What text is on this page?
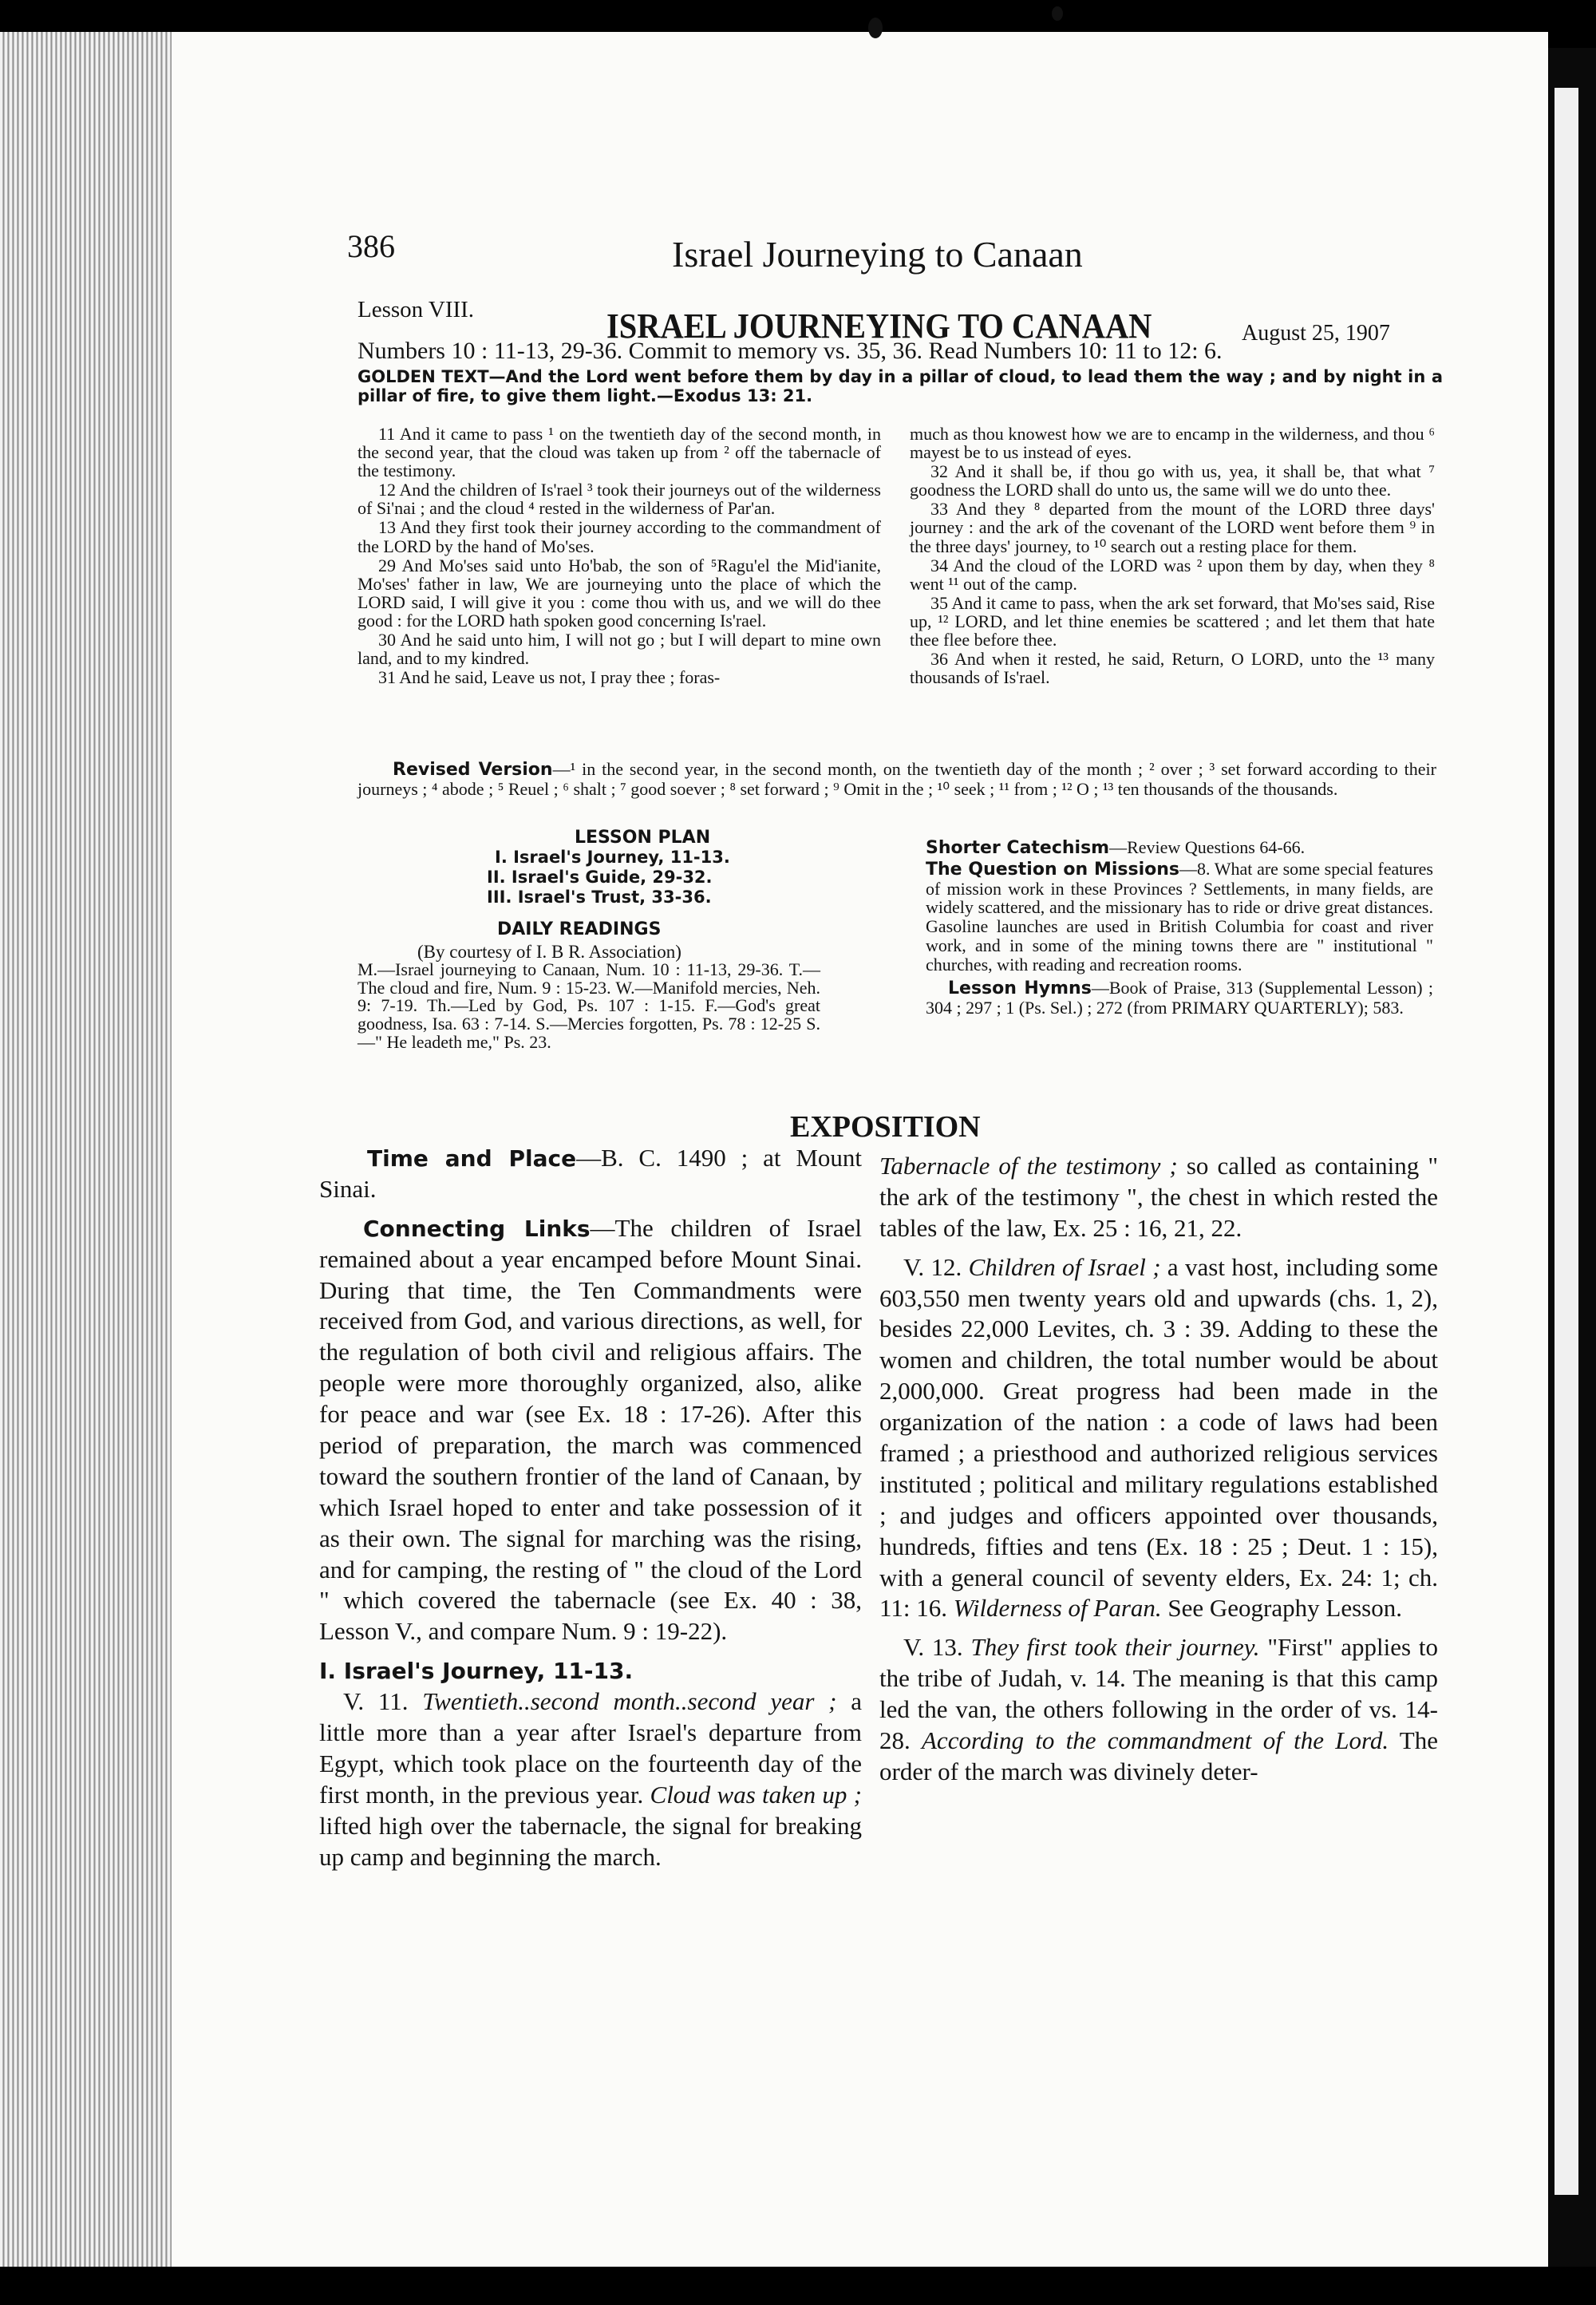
386	Israel Journeying to Canaan
Lesson VIII.	ISRAEL JOURNEYING TO CANAAN	August 25, 1907
Numbers 10 : 11-13, 29-36. Commit to memory vs. 35, 36. Read Numbers 10: 11 to 12: 6.
GOLDEN TEXT—And the Lord went before them by day in a pillar of cloud, to lead them the way ; and by night in a pillar of fire, to give them light.—Exodus 13: 21.

11 And it came to pass ¹ on the twentieth day of the second month, in the second year, that the cloud was taken up from ² off the tabernacle of the testimony.

12 And the children of Is'rael ³ took their journeys out of the wilderness of Si'nai ; and the cloud ⁴ rested in the wilderness of Par'an.

13 And they first took their journey according to the commandment of the LORD by the hand of Mo'ses.

29 And Mo'ses said unto Ho'bab, the son of ⁵Ragu'el the Mid'ianite, Mo'ses' father in law, We are journeying unto the place of which the LORD said, I will give it you : come thou with us, and we will do thee good : for the LORD hath spoken good concerning Is'rael.

30 And he said unto him, I will not go ; but I will depart to mine own land, and to my kindred.

31 And he said, Leave us not, I pray thee ; foras-

much as thou knowest how we are to encamp in the wilderness, and thou ⁶ mayest be to us instead of eyes.

32 And it shall be, if thou go with us, yea, it shall be, that what ⁷ goodness the LORD shall do unto us, the same will we do unto thee.

33 And they ⁸ departed from the mount of the LORD three days' journey : and the ark of the covenant of the LORD went before them ⁹ in the three days' journey, to ¹⁰ search out a resting place for them.

34 And the cloud of the LORD was ² upon them by day, when they ⁸ went ¹¹ out of the camp.

35 And it came to pass, when the ark set forward, that Mo'ses said, Rise up, ¹² LORD, and let thine enemies be scattered ; and let them that hate thee flee before thee.

36 And when it rested, he said, Return, O LORD, unto the ¹³ many thousands of Is'rael.

Revised Version—¹ in the second year, in the second month, on the twentieth day of the month ; ² over ; ³ set forward according to their journeys ; ⁴ abode ; ⁵ Reuel ; ⁶ shalt ; ⁷ good soever ; ⁸ set forward ; ⁹ Omit in the ; ¹⁰ seek ; ¹¹ from ; ¹² O ; ¹³ ten thousands of the thousands.
LESSON PLAN
I. Israel's Journey, 11-13.
II. Israel's Guide, 29-32.
III. Israel's Trust, 33-36.
DAILY READINGS
(By courtesy of I. B R. Association)
M.—Israel journeying to Canaan, Num. 10 : 11-13, 29-36. T.—The cloud and fire, Num. 9 : 15-23. W.—Manifold mercies, Neh. 9: 7-19. Th.—Led by God, Ps. 107 : 1-15. F.—God's great goodness, Isa. 63 : 7-14. S.—Mercies forgotten, Ps. 78 : 12-25 S.—" He leadeth me," Ps. 23.

Shorter Catechism—Review Questions 64-66.

The Question on Missions—8. What are some special features of mission work in these Provinces ? Settlements, in many fields, are widely scattered, and the missionary has to ride or drive great distances. Gasoline launches are used in British Columbia for coast and river work, and in some of the mining towns there are " institutional " churches, with reading and recreation rooms.

Lesson Hymns—Book of Praise, 313 (Supplemental Lesson) ; 304 ; 297 ; 1 (Ps. Sel.) ; 272 (from PRIMARY QUARTERLY); 583.

EXPOSITION

Time and Place—B. C. 1490 ; at Mount Sinai.

Connecting Links—The children of Israel remained about a year encamped before Mount Sinai. During that time, the Ten Commandments were received from God, and various directions, as well, for the regulation of both civil and religious affairs. The people were more thoroughly organized, also, alike for peace and war (see Ex. 18 : 17-26). After this period of preparation, the march was commenced toward the southern frontier of the land of Canaan, by which Israel hoped to enter and take possession of it as their own. The signal for marching was the rising, and for camping, the resting of " the cloud of the Lord " which covered the tabernacle (see Ex. 40 : 38, Lesson V., and compare Num. 9 : 19-22).

I. Israel's Journey, 11-13.

V. 11. Twentieth..second month..second year ; a little more than a year after Israel's departure from Egypt, which took place on the fourteenth day of the first month, in the previous year. Cloud was taken up ; lifted high over the tabernacle, the signal for breaking up camp and beginning the march.

Tabernacle of the testimony ; so called as containing " the ark of the testimony ", the chest in which rested the tables of the law, Ex. 25 : 16, 21, 22.

V. 12. Children of Israel ; a vast host, including some 603,550 men twenty years old and upwards (chs. 1, 2), besides 22,000 Levites, ch. 3 : 39. Adding to these the women and children, the total number would be about 2,000,000. Great progress had been made in the organization of the nation : a code of laws had been framed ; a priesthood and authorized religious services instituted ; political and military regulations established ; and judges and officers appointed over thousands, hundreds, fifties and tens (Ex. 18 : 25 ; Deut. 1 : 15), with a general council of seventy elders, Ex. 24: 1; ch. 11: 16. Wilderness of Paran. See Geography Lesson.

V. 13. They first took their journey. "First" applies to the tribe of Judah, v. 14. The meaning is that this camp led the van, the others following in the order of vs. 14-28. According to the commandment of the Lord. The order of the march was divinely deter-
